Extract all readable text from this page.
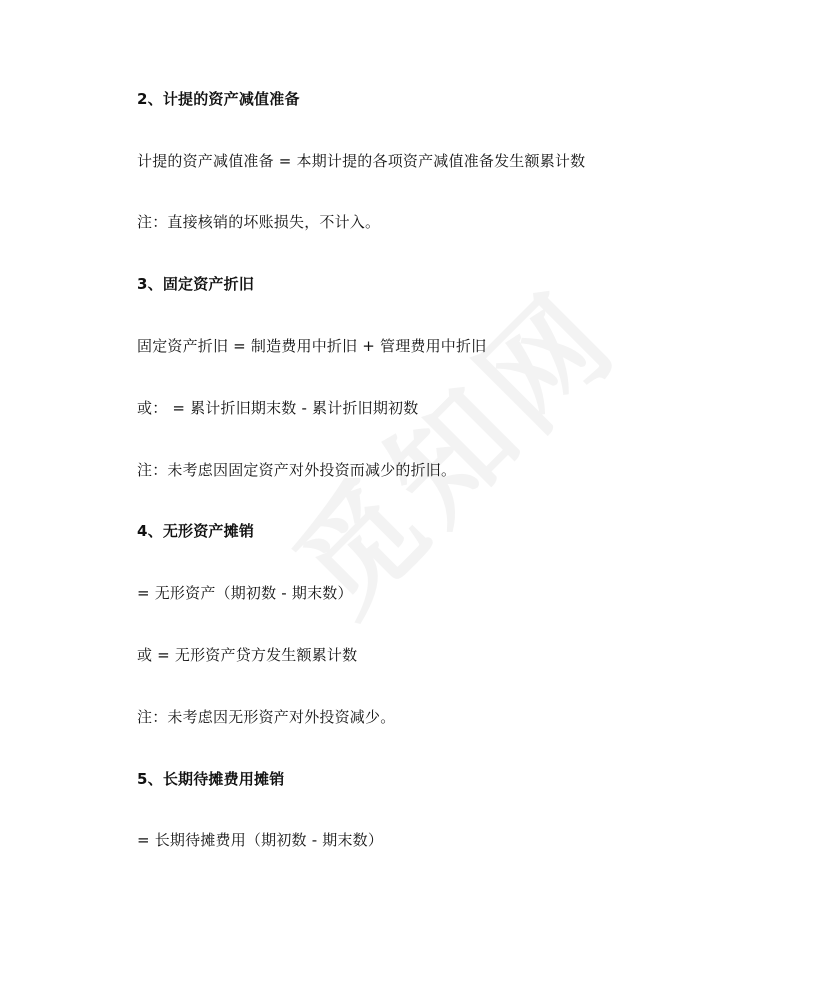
2、计提的资产减值准备
计提的资产减值准备 = 本期计提的各项资产减值准备发生额累计数
注：直接核销的坏账损失，不计入。
3、固定资产折旧
固定资产折旧 = 制造费用中折旧 + 管理费用中折旧
或： = 累计折旧期末数 - 累计折旧期初数
注：未考虑因固定资产对外投资而减少的折旧。
4、无形资产摊销
= 无形资产（期初数 - 期末数）
或 = 无形资产贷方发生额累计数
注：未考虑因无形资产对外投资减少。
5、长期待摊费用摊销
= 长期待摊费用（期初数 - 期末数）
